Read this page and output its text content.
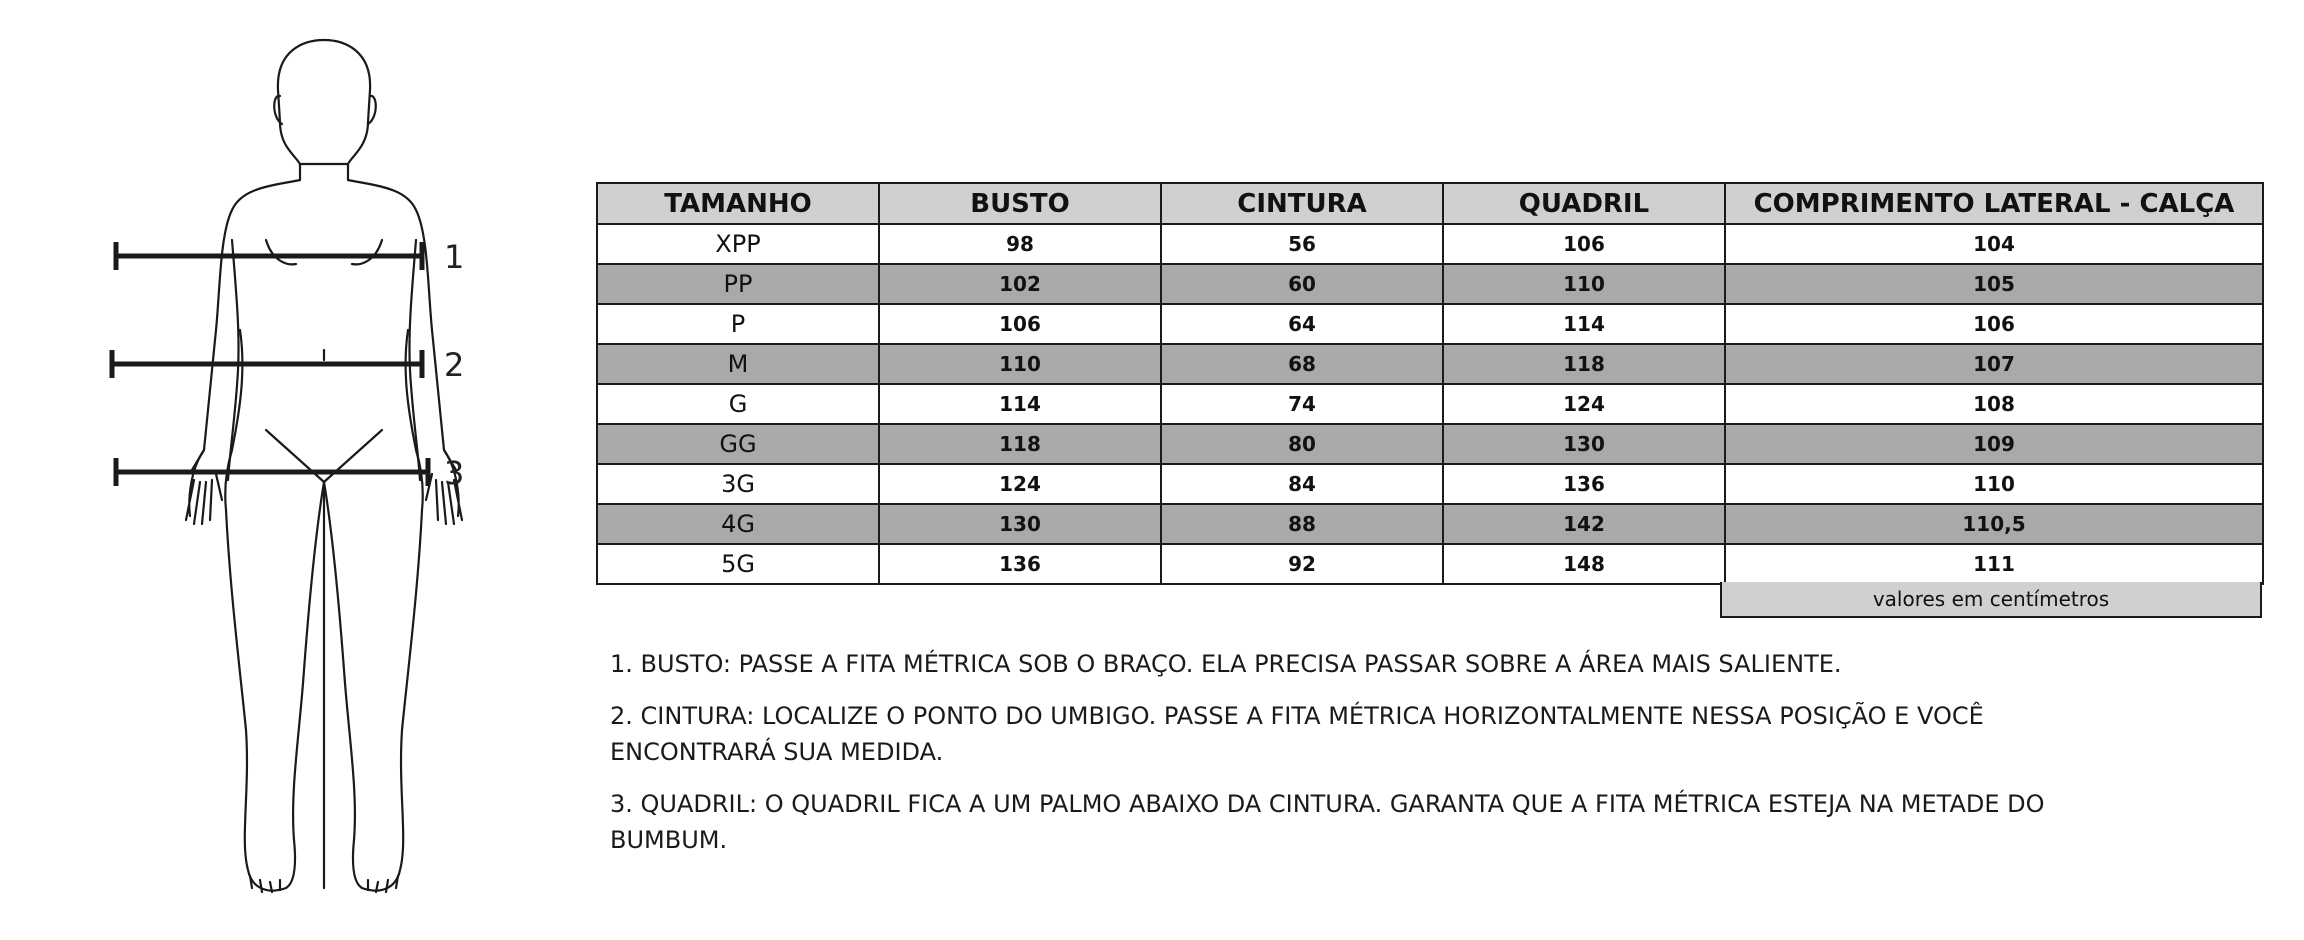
1
2
3
TAMANHO	BUSTO	CINTURA	QUADRIL	COMPRIMENTO LATERAL - CALÇA
XPP	98	56	106	104
PP	102	60	110	105
P	106	64	114	106
M	110	68	118	107
G	114	74	124	108
GG	118	80	130	109
3G	124	84	136	110
4G	130	88	142	110,5
5G	136	92	148	111
valores em centímetros

1. BUSTO: PASSE A FITA MÉTRICA SOB O BRAÇO. ELA PRECISA PASSAR SOBRE A ÁREA MAIS SALIENTE.

2. CINTURA: LOCALIZE O PONTO DO UMBIGO. PASSE A FITA MÉTRICA HORIZONTALMENTE NESSA POSIÇÃO E VOCÊ ENCONTRARÁ SUA MEDIDA.

3. QUADRIL: O QUADRIL FICA A UM PALMO ABAIXO DA CINTURA. GARANTA QUE A FITA MÉTRICA ESTEJA NA METADE DO BUMBUM.
